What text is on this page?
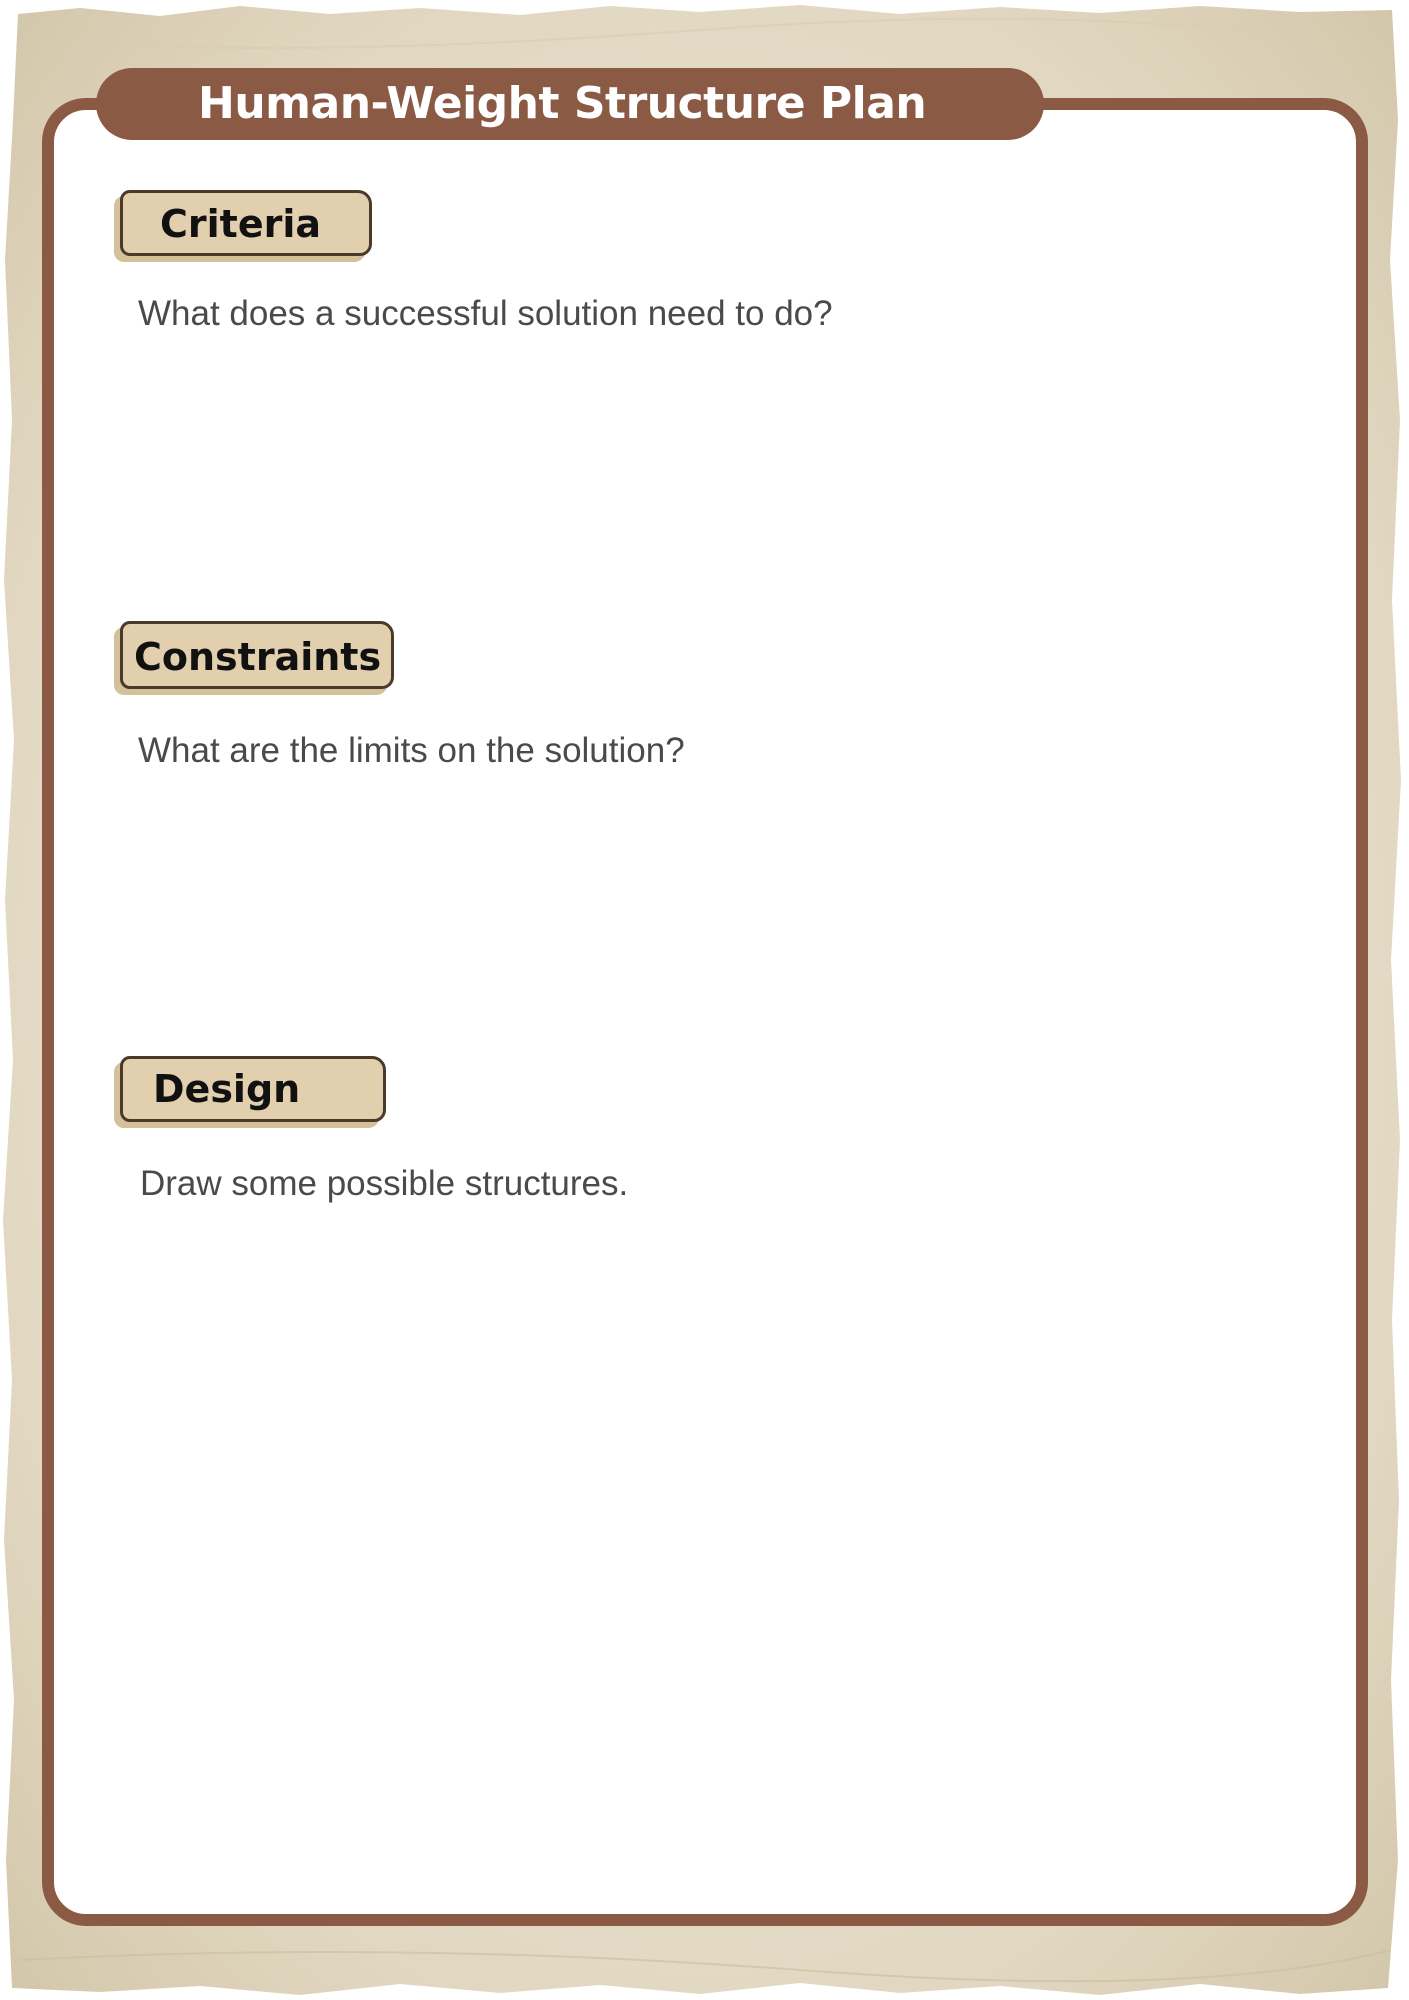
Human-Weight Structure Plan
Criteria
What does a successful solution need to do?
Constraints
What are the limits on the solution?
Design
Draw some possible structures.
